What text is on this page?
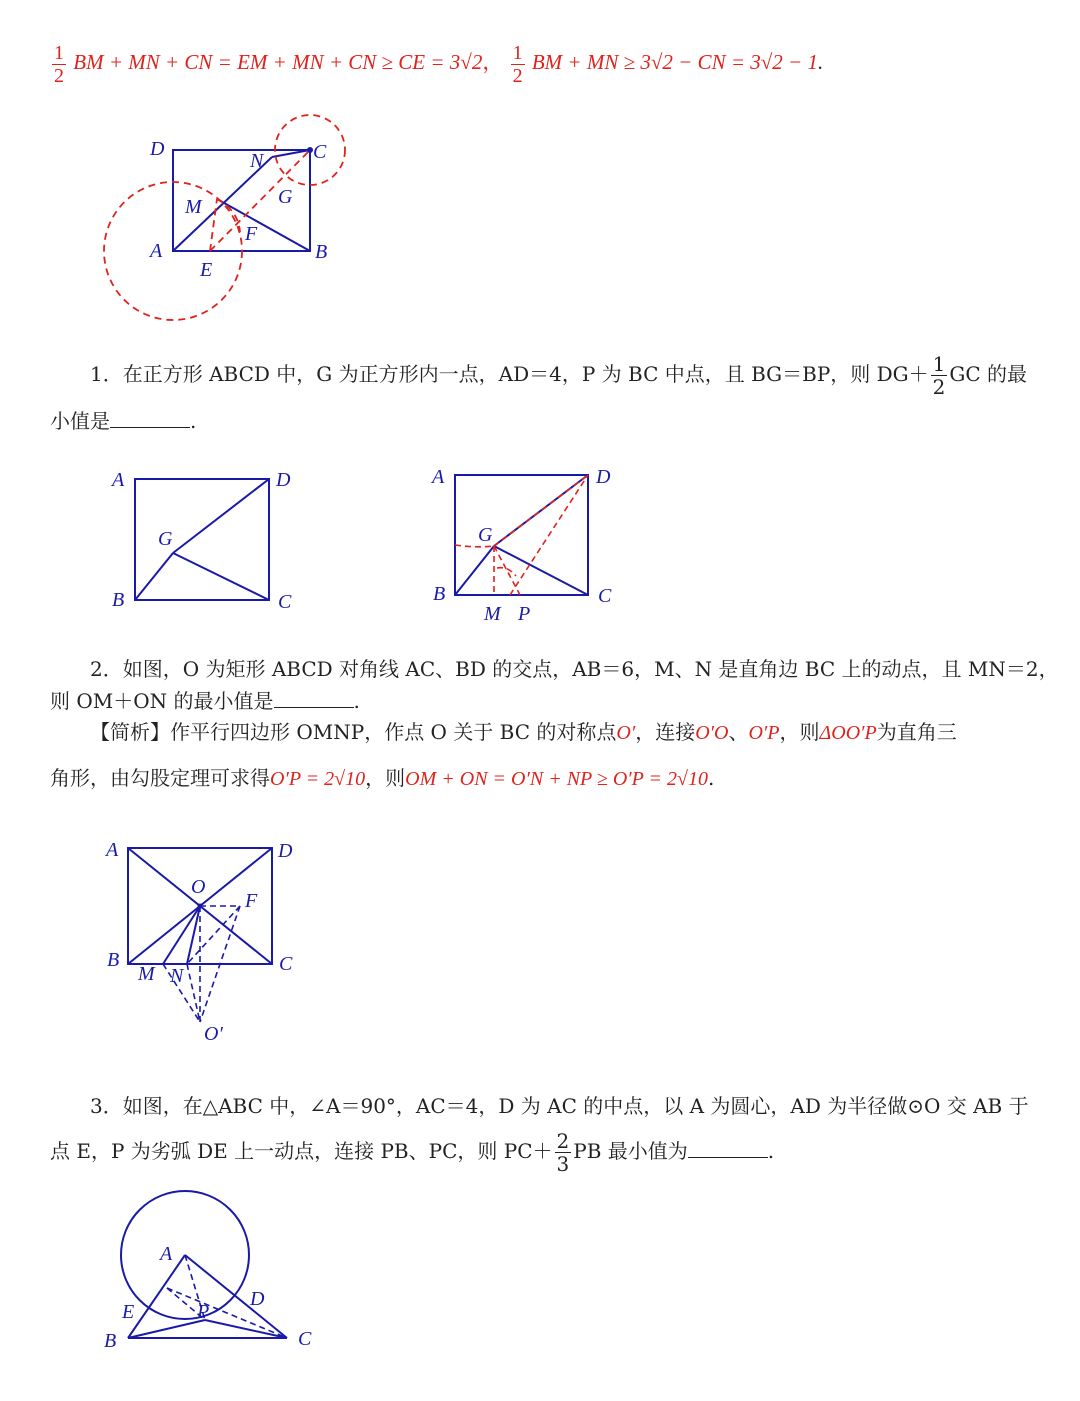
$\frac{1}{2}$ BM + MN + CN = EM + MN + CN ≥ CE = 3√2， $\frac{1}{2}$ BM + MN ≥ 3√2 − CN = 3√2 − 1.
D
N C
G
M
F
A
E
B
1．在正方形 ABCD 中，G 为正方形内一点，AD＝4，P 为 BC 中点，且 BG＝BP，则 $DG+ \frac{1}{2}$ GC 的最
小值是	.
A	D
G
B	C
A	D
G
B	C
M P
2．如图，O 为矩形 ABCD 对角线 AC、BD 的交点，AB＝6，M、N 是直角边 BC 上的动点，且 MN＝2，
则 OM＋ON 的最小值是	.
【简析】作平行四边形 OMNP，作点 O 关于 BC 的对称点O′，连接O′O、O′P，则ΔOO′P为直角三
角形，由勾股定理可求得O′P = 2√10，则OM + ON = O′N + NP ≥ O′P = 2√10.
A	D
O
F
B	C
M N
O′
3．如图，在△ABC 中，∠A＝90°，AC＝4，D 为 AC 的中点，以 A 为圆心，AD 为半径做⊙O 交 AB 于
点 E，P 为劣弧 DE 上一动点，连接 PB、PC，则 $PC+ \frac{2}{3}$ PB 最小值为	.
A
D
E	P
B	C
